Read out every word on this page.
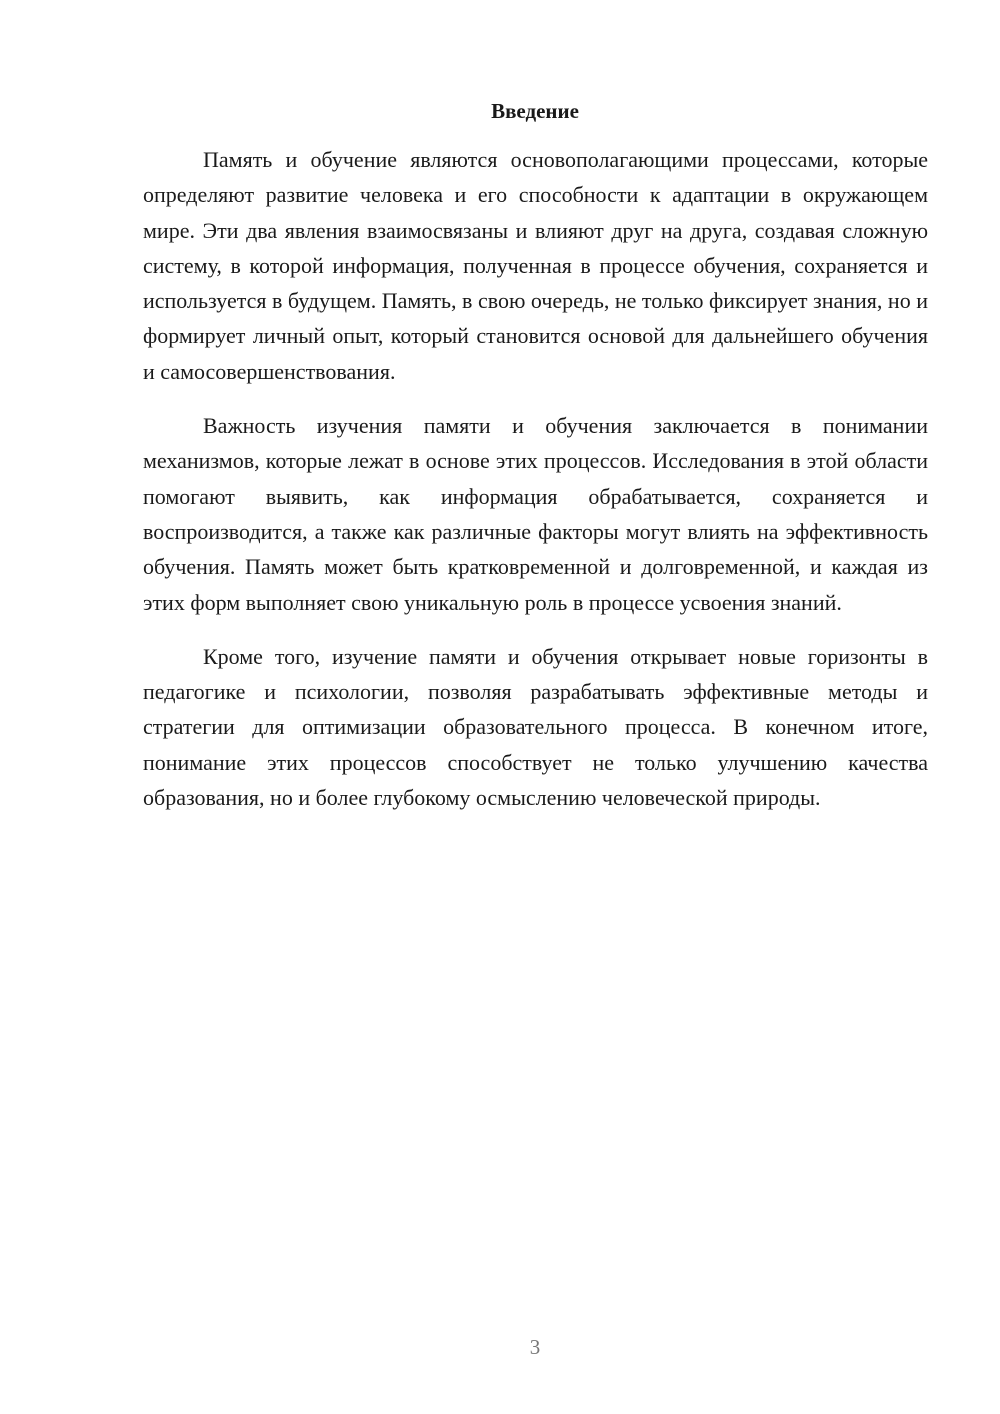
Введение

Память и обучение являются основополагающими процессами, которые определяют развитие человека и его способности к адаптации в окружающем мире. Эти два явления взаимосвязаны и влияют друг на друга, создавая сложную систему, в которой информация, полученная в процессе обучения, сохраняется и используется в будущем. Память, в свою очередь, не только фиксирует знания, но и формирует личный опыт, который становится основой для дальнейшего обучения и самосовершенствования.

Важность изучения памяти и обучения заключается в понимании механизмов, которые лежат в основе этих процессов. Исследования в этой области помогают выявить, как информация обрабатывается, сохраняется и воспроизводится, а также как различные факторы могут влиять на эффективность обучения. Память может быть кратковременной и долговременной, и каждая из этих форм выполняет свою уникальную роль в процессе усвоения знаний.

Кроме того, изучение памяти и обучения открывает новые горизонты в педагогике и психологии, позволяя разрабатывать эффективные методы и стратегии для оптимизации образовательного процесса. В конечном итоге, понимание этих процессов способствует не только улучшению качества образования, но и более глубокому осмыслению человеческой природы.

3
